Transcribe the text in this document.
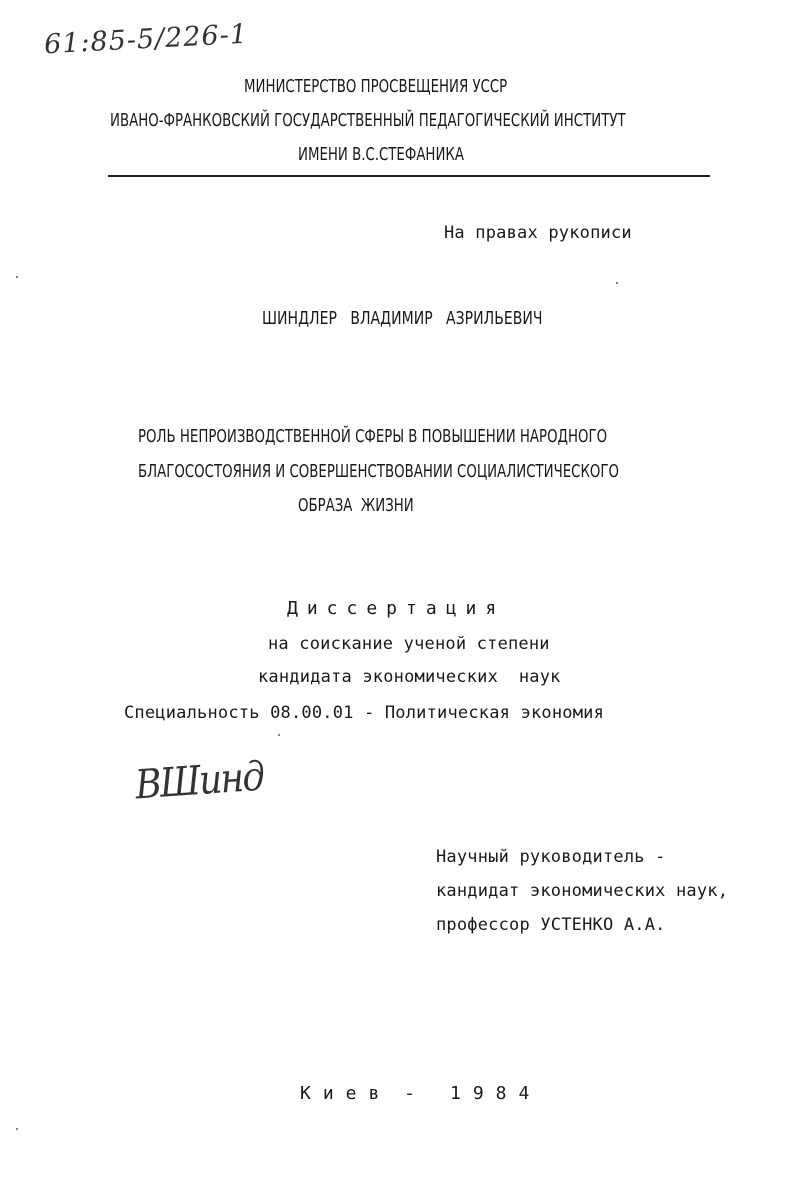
61:85-5/226-1
МИНИСТЕРСТВО ПРОСВЕЩЕНИЯ УССР
ИВАНО-ФРАНКОВСКИЙ ГОСУДАРСТВЕННЫЙ ПЕДАГОГИЧЕСКИЙ ИНСТИТУТ
ИМЕНИ В.С.СТЕФАНИКА
На правах рукописи
ШИНДЛЕР   ВЛАДИМИР   АЗРИЛЬЕВИЧ
РОЛЬ НЕПРОИЗВОДСТВЕННОЙ СФЕРЫ В ПОВЫШЕНИИ НАРОДНОГО
БЛАГОСОСТОЯНИЯ И СОВЕРШЕНСТВОВАНИИ СОЦИАЛИСТИЧЕСКОГО
ОБРАЗА  ЖИЗНИ
Диссертация
на соискание ученой степени
кандидата экономических  наук
Специальность 08.00.01 - Политическая экономия
ВШинд
Научный руководитель -
кандидат экономических наук,
профессор УСТЕНКО А.А.
Киев - 1984
